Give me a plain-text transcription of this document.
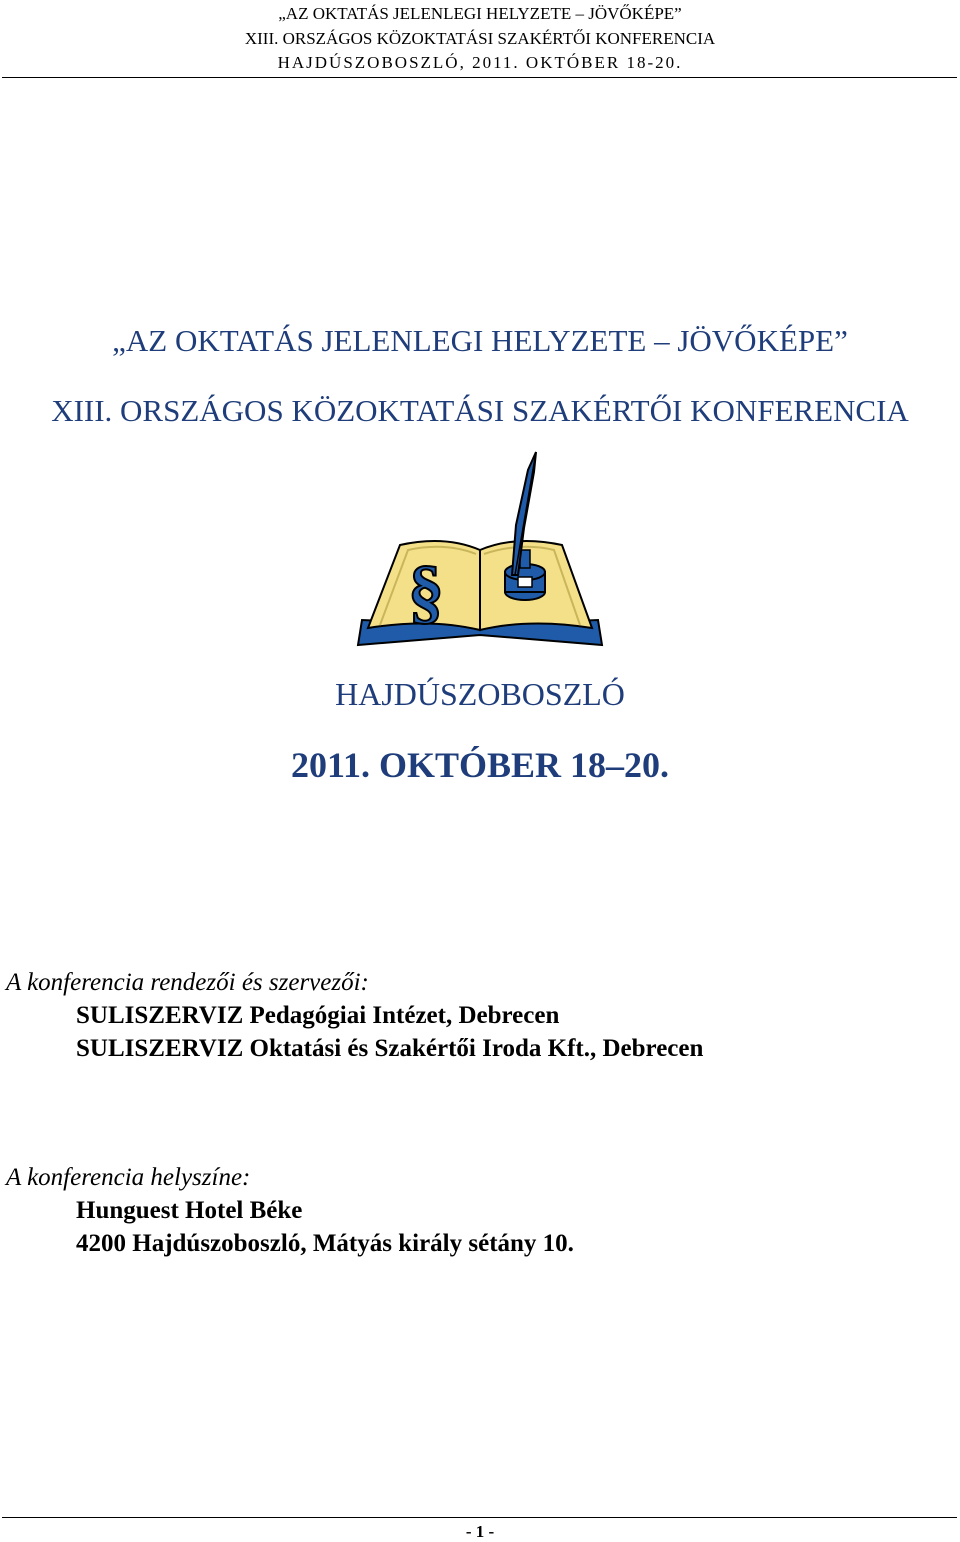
„AZ OKTATÁS JELENLEGI HELYZETE – JÖVŐKÉPE”
XIII. ORSZÁGOS KÖZOKTATÁSI SZAKÉRTŐI KONFERENCIA
HAJDÚSZOBOSZLÓ, 2011. OKTÓBER 18-20.
„AZ OKTATÁS JELENLEGI HELYZETE – JÖVŐKÉPE”
XIII. ORSZÁGOS KÖZOKTATÁSI SZAKÉRTŐI KONFERENCIA
§
HAJDÚSZOBOSZLÓ
2011. OKTÓBER 18–20.
A konferencia rendezői és szervezői:
SULISZERVIZ Pedagógiai Intézet, Debrecen
SULISZERVIZ Oktatási és Szakértői Iroda Kft., Debrecen
A konferencia helyszíne:
Hunguest Hotel Béke
4200 Hajdúszoboszló, Mátyás király sétány 10.
- 1 -
